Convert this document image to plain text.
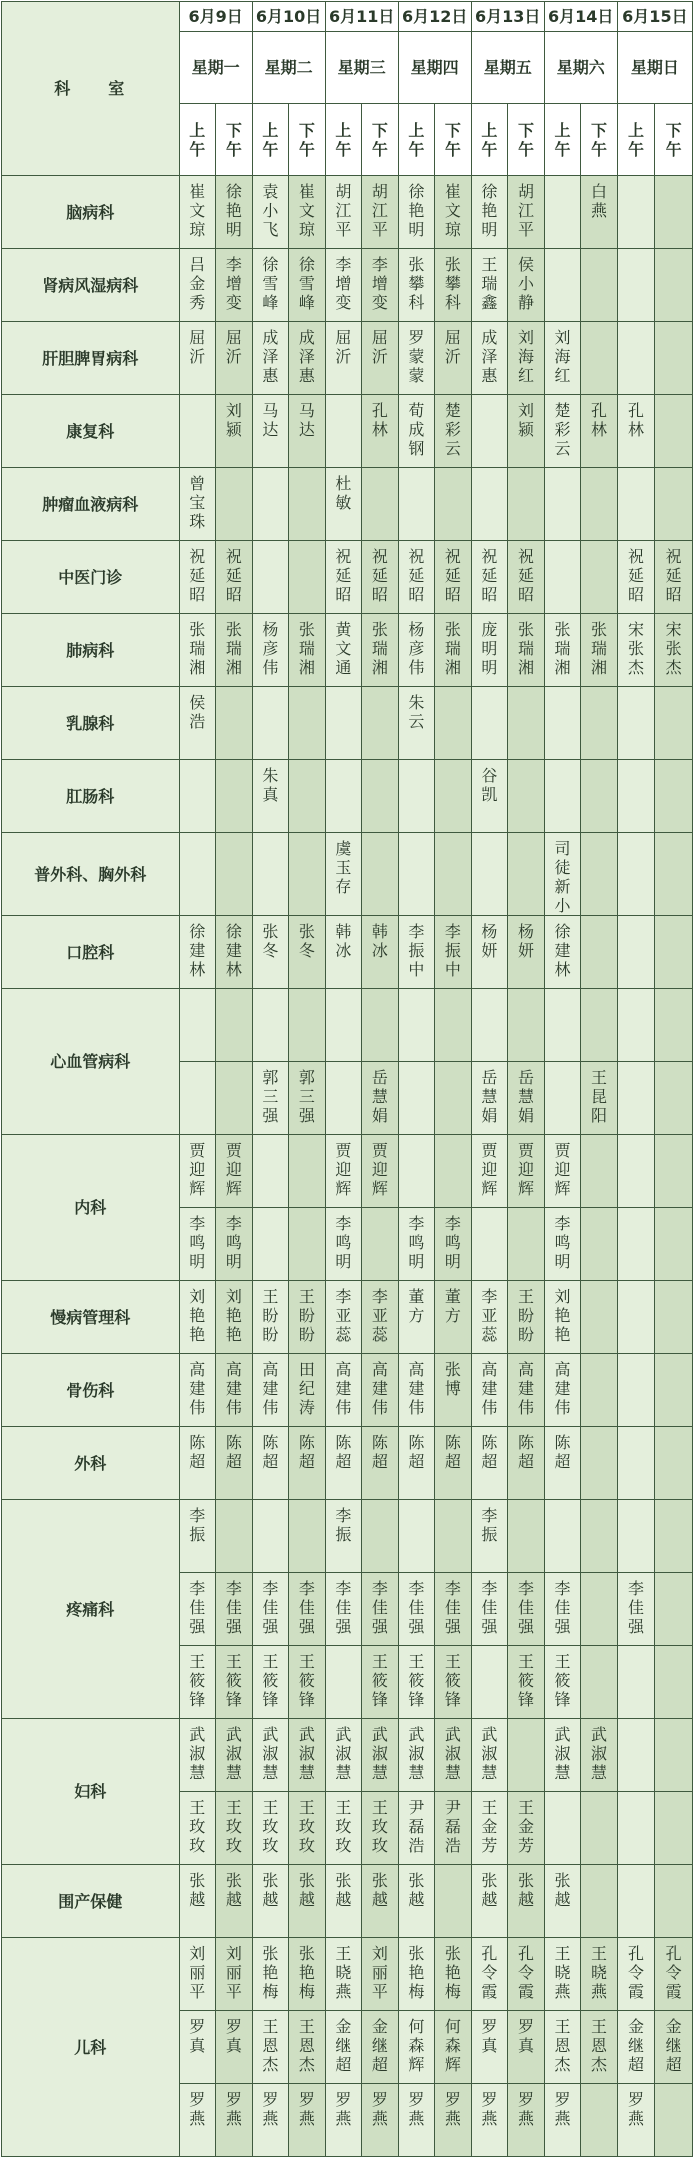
科　　室	6月9日		6月10日		6月11日		6月12日		6月13日		6月14日		6月15日	
	星期一		星期二		星期三		星期四		星期五		星期六		星期日	
	上午	下午	上午	下午	上午	下午	上午	下午	上午	下午	上午	下午	上午	下午
脑病科	崔文琼	徐艳明	袁小飞	崔文琼	胡江平	胡江平	徐艳明	崔文琼	徐艳明	胡江平		白燕		

肾病风湿病科	吕金秀	李增变	徐雪峰	徐雪峰	李增变	李增变	张攀科	张攀科	王瑞鑫	侯小静				

肝胆脾胃病科	屈沂	屈沂	成泽惠	成泽惠	屈沂	屈沂	罗蒙蒙	屈沂	成泽惠	刘海红	刘海红			

康复科		刘颍	马达	马达		孔林	荀成钢	楚彩云		刘颍	楚彩云	孔林	孔林	

肿瘤血液病科	曾宝珠				杜敏									

中医门诊	祝延昭	祝延昭			祝延昭	祝延昭	祝延昭	祝延昭	祝延昭	祝延昭			祝延昭	祝延昭

肺病科	张瑞湘	张瑞湘	杨彦伟	张瑞湘	黄文通	张瑞湘	杨彦伟	张瑞湘	庞明明	张瑞湘	张瑞湘	张瑞湘	宋张杰	宋张杰

乳腺科	侯浩						朱云							

肛肠科			朱真						谷凯					

普外科、胸外科					虞玉存						司徒新小			

口腔科	徐建林	徐建林	张冬	张冬	韩冰	韩冰	李振中	李振中	杨妍	杨妍	徐建林			

心血管病科														

			郭三强	郭三强		岳慧娟			岳慧娟	岳慧娟		王昆阳		

内科	贾迎辉	贾迎辉			贾迎辉	贾迎辉			贾迎辉	贾迎辉	贾迎辉			

	李鸣明	李鸣明			李鸣明		李鸣明	李鸣明			李鸣明			

慢病管理科	刘艳艳	刘艳艳	王盼盼	王盼盼	李亚蕊	李亚蕊	董方	董方	李亚蕊	王盼盼	刘艳艳			

骨伤科	高建伟	高建伟	高建伟	田纪涛	高建伟	高建伟	高建伟	张博	高建伟	高建伟	高建伟			

外科	陈超	陈超	陈超	陈超	陈超	陈超	陈超	陈超	陈超	陈超	陈超			

疼痛科	李振				李振				李振					

	李佳强	李佳强	李佳强	李佳强	李佳强	李佳强	李佳强	李佳强	李佳强	李佳强	李佳强		李佳强	

	王筱锋	王筱锋	王筱锋	王筱锋		王筱锋	王筱锋	王筱锋		王筱锋	王筱锋			

妇科	武淑慧	武淑慧	武淑慧	武淑慧	武淑慧	武淑慧	武淑慧	武淑慧	武淑慧		武淑慧	武淑慧		

	王玫玫	王玫玫	王玫玫	王玫玫	王玫玫	王玫玫	尹磊浩	尹磊浩	王金芳	王金芳				

围产保健	张越	张越	张越	张越	张越	张越	张越		张越	张越	张越			

儿科	刘丽平	刘丽平	张艳梅	张艳梅	王晓燕	刘丽平	张艳梅	张艳梅	孔令霞	孔令霞	王晓燕	王晓燕	孔令霞	孔令霞

	罗真	罗真	王恩杰	王恩杰	金继超	金继超	何森辉	何森辉	罗真	罗真	王恩杰	王恩杰	金继超	金继超

	罗燕	罗燕	罗燕	罗燕	罗燕	罗燕	罗燕	罗燕	罗燕	罗燕	罗燕		罗燕	
